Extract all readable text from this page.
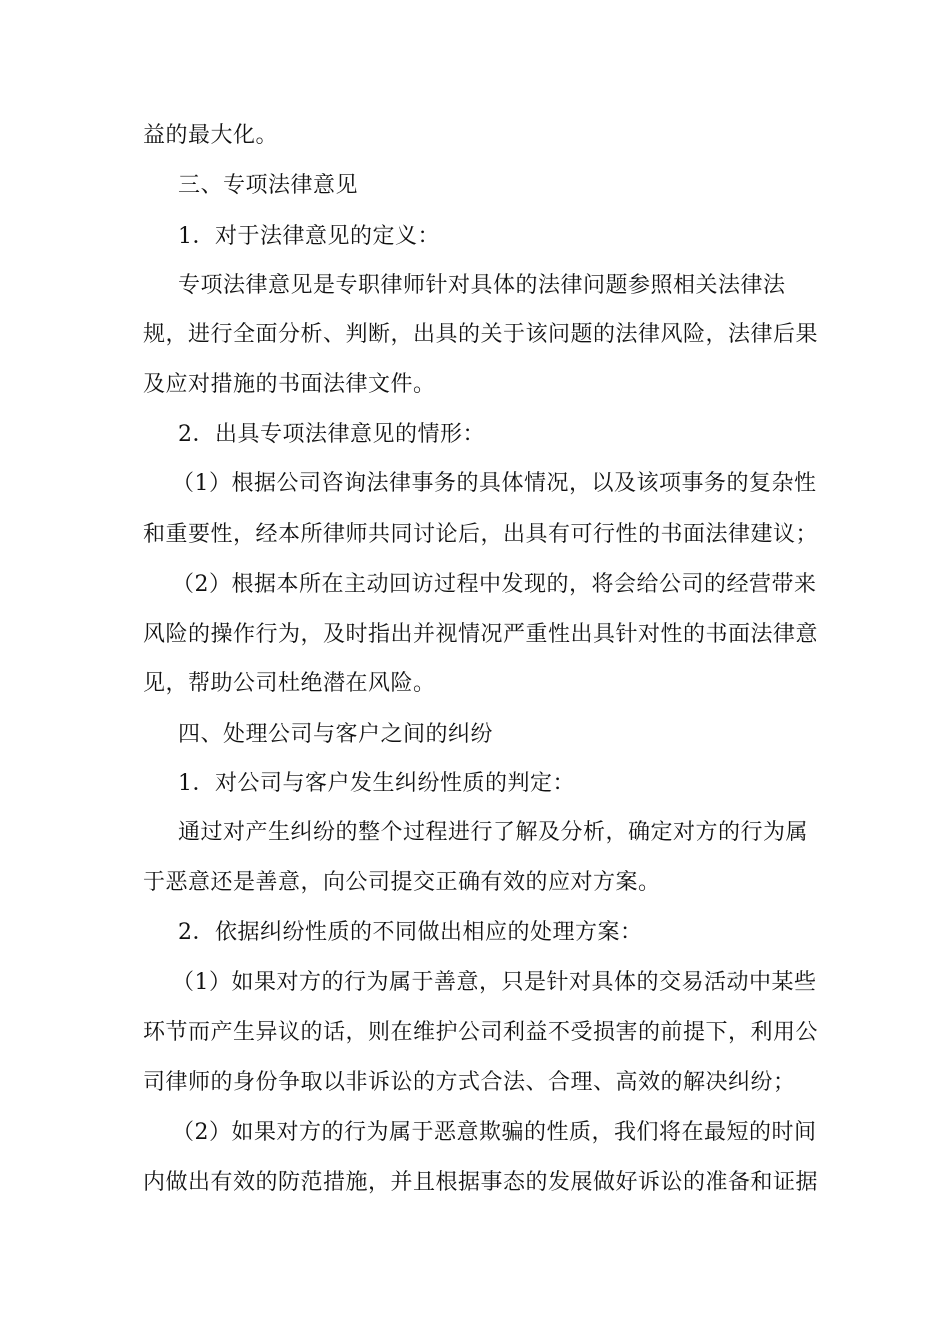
益的最大化。
三、专项法律意见
1．对于法律意见的定义：
专项法律意见是专职律师针对具体的法律问题参照相关法律法
规，进行全面分析、判断，出具的关于该问题的法律风险，法律后果
及应对措施的书面法律文件。
2．出具专项法律意见的情形：
（1）根据公司咨询法律事务的具体情况，以及该项事务的复杂性
和重要性，经本所律师共同讨论后，出具有可行性的书面法律建议；
（2）根据本所在主动回访过程中发现的，将会给公司的经营带来
风险的操作行为，及时指出并视情况严重性出具针对性的书面法律意
见，帮助公司杜绝潜在风险。
四、处理公司与客户之间的纠纷
1．对公司与客户发生纠纷性质的判定：
通过对产生纠纷的整个过程进行了解及分析，确定对方的行为属
于恶意还是善意，向公司提交正确有效的应对方案。
2．依据纠纷性质的不同做出相应的处理方案：
（1）如果对方的行为属于善意，只是针对具体的交易活动中某些
环节而产生异议的话，则在维护公司利益不受损害的前提下，利用公
司律师的身份争取以非诉讼的方式合法、合理、高效的解决纠纷；
（2）如果对方的行为属于恶意欺骗的性质，我们将在最短的时间
内做出有效的防范措施，并且根据事态的发展做好诉讼的准备和证据
